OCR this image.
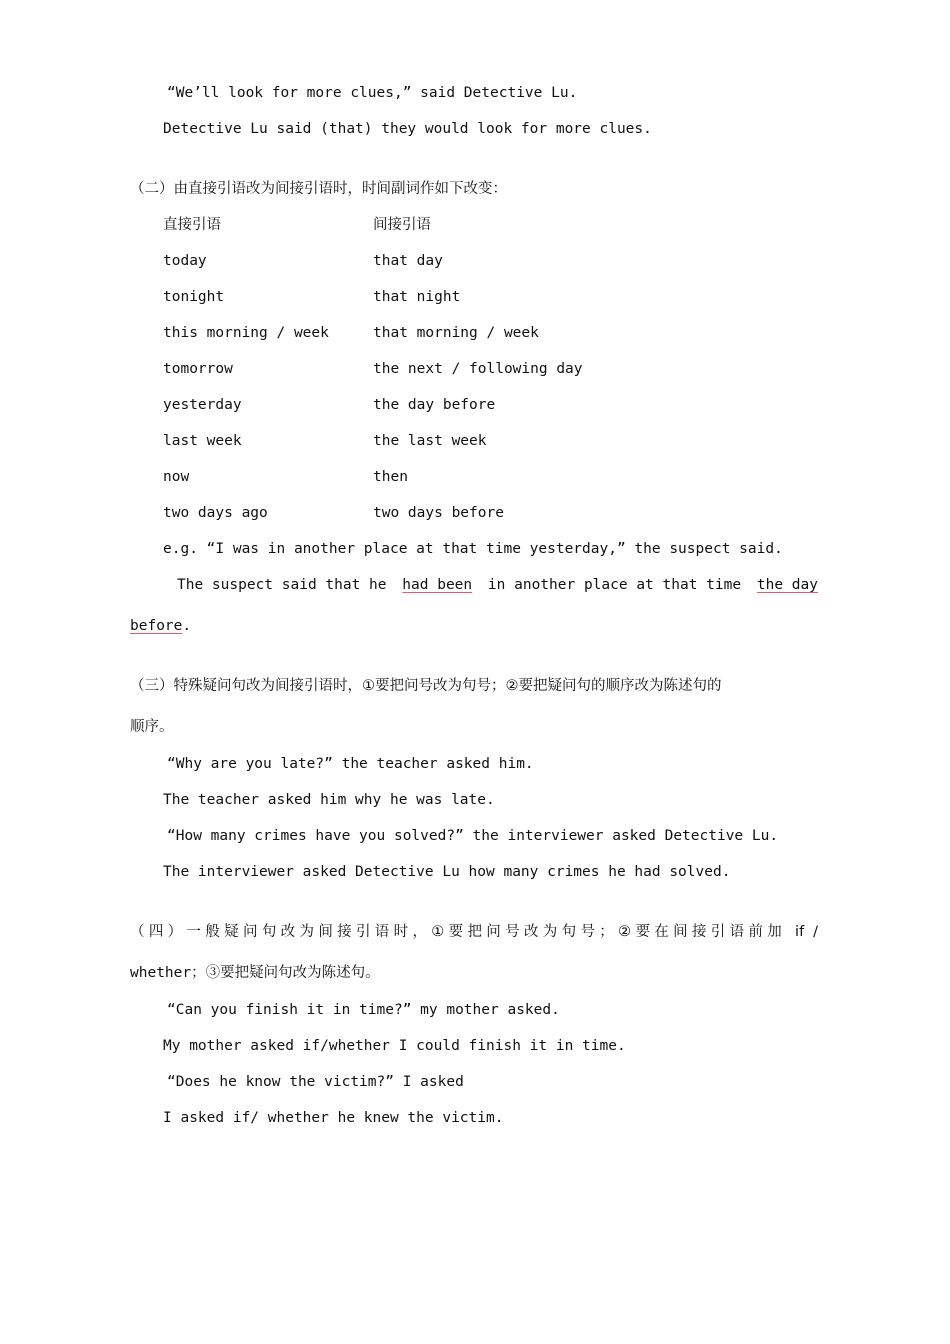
“We’ll look for more clues,” said Detective Lu.
Detective Lu said (that) they would look for more clues.
（二）由直接引语改为间接引语时，时间副词作如下改变：
直接引语	间接引语
today	that day
tonight	that night
this morning / week	that morning / week
tomorrow	the next / following day
yesterday	the day before
last week	the last week
now	then
two days ago	two days before
e.g. “I was in another place at that time yesterday,” the suspect said.
The suspect said that he had been in another place at that time the day
before.
（三）特殊疑问句改为间接引语时，①要把问号改为句号；②要把疑问句的顺序改为陈述句的
顺序。
“Why are you late?” the teacher asked him.
The teacher asked him why he was late.
“How many crimes have you solved?” the interviewer asked Detective Lu.
The interviewer asked Detective Lu how many crimes he had solved.
（四）一般疑问句改为间接引语时，①要把问号改为句号；②要在间接引语前加 if /
whether；③要把疑问句改为陈述句。
“Can you finish it in time?” my mother asked.
My mother asked if/whether I could finish it in time.
“Does he know the victim?” I asked
I asked if/ whether he knew the victim.
